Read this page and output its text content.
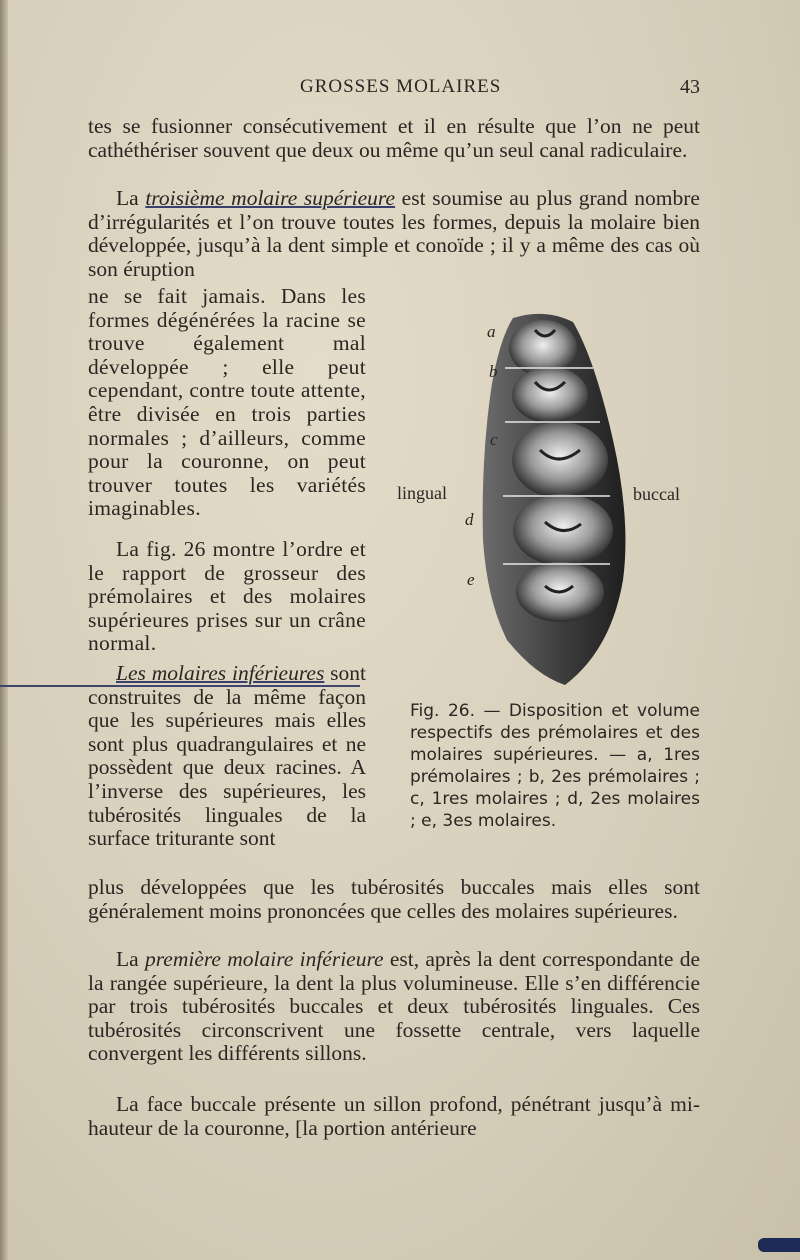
GROSSES MOLAIRES	43

tes se fusionner consécutivement et il en résulte que l’on ne peut cathéthériser souvent que deux ou même qu’un seul canal radiculaire.

La troisième molaire supérieure est soumise au plus grand nombre d’irrégularités et l’on trouve toutes les formes, depuis la molaire bien développée, jusqu’à la dent simple et conoïde ; il y a même des cas où son éruption

ne se fait jamais. Dans les formes dégénérées la racine se trouve également mal développée ; elle peut cependant, contre toute attente, être divisée en trois parties normales ; d’ailleurs, comme pour la couronne, on peut trouver toutes les variétés imaginables.

La fig. 26 montre l’ordre et le rapport de grosseur des prémolaires et des molaires supérieures prises sur un crâne normal.

Les molaires inférieures sont construites de la même façon que les supérieures mais elles sont plus quadrangulaires et ne possèdent que deux racines. A l’inverse des supérieures, les tubérosités linguales de la surface triturante sont

plus développées que les tubérosités buccales mais elles sont généralement moins prononcées que celles des molaires supérieures.

La première molaire inférieure est, après la dent correspondante de la rangée supérieure, la dent la plus volumineuse. Elle s’en différencie par trois tubérosités buccales et deux tubérosités linguales. Ces tubérosités circonscrivent une fossette centrale, vers laquelle convergent les différents sillons.

La face buccale présente un sillon profond, pénétrant jusqu’à mi-hauteur de la couronne, [la portion antérieure

a
b
c
d
e
lingual	buccal

Fig. 26. — Disposition et volume respectifs des prémolaires et des molaires supérieures. — a, 1res prémolaires ; b, 2es prémolaires ; c, 1res molaires ; d, 2es molaires ; e, 3es molaires.
